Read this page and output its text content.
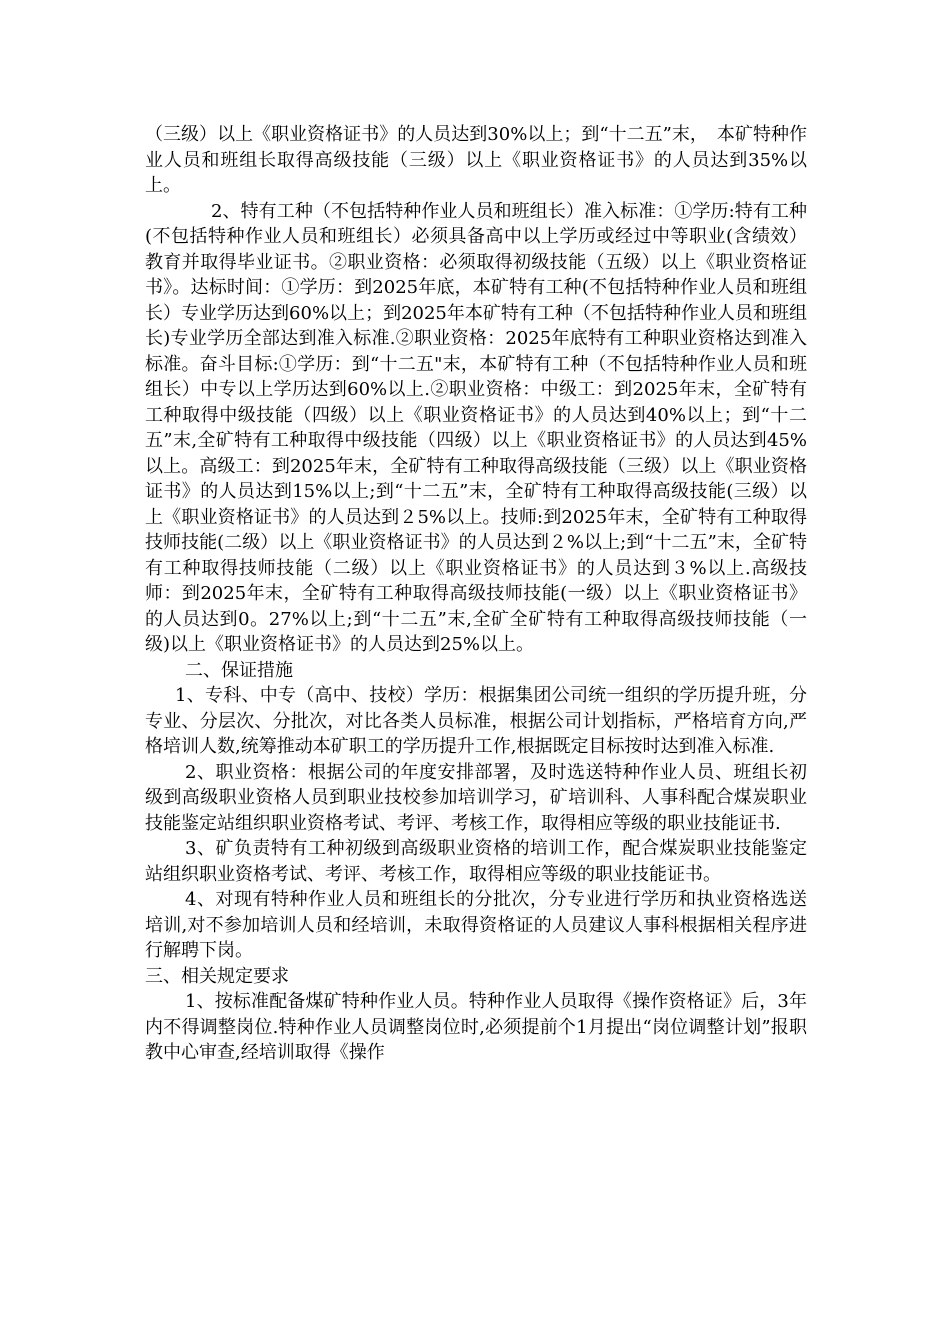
（三级）以上《职业资格证书》的人员达到30%以上；到“十二五”末，　本矿特种作业人员和班组长取得高级技能（三级）以上《职业资格证书》的人员达到35%以上。

2、特有工种（不包括特种作业人员和班组长）准入标准：①学历:特有工种(不包括特种作业人员和班组长）必须具备高中以上学历或经过中等职业(含绩效）教育并取得毕业证书。②职业资格：必须取得初级技能（五级）以上《职业资格证书》。达标时间：①学历：到2025年底，本矿特有工种(不包括特种作业人员和班组长）专业学历达到60%以上；到2025年本矿特有工种（不包括特种作业人员和班组长)专业学历全部达到准入标准.②职业资格：2025年底特有工种职业资格达到准入标准。奋斗目标:①学历：到“十二五"末，本矿特有工种（不包括特种作业人员和班组长）中专以上学历达到60%以上.②职业资格：中级工：到2025年末，全矿特有工种取得中级技能（四级）以上《职业资格证书》的人员达到40%以上；到“十二五”末,全矿特有工种取得中级技能（四级）以上《职业资格证书》的人员达到45%以上。高级工：到2025年末，全矿特有工种取得高级技能（三级）以上《职业资格证书》的人员达到15%以上;到“十二五”末，全矿特有工种取得高级技能(三级）以上《职业资格证书》的人员达到２5%以上。技师:到2025年末，全矿特有工种取得技师技能(二级）以上《职业资格证书》的人员达到２%以上;到“十二五”末，全矿特有工种取得技师技能（二级）以上《职业资格证书》的人员达到３%以上.高级技师：到2025年末，全矿特有工种取得高级技师技能(一级）以上《职业资格证书》的人员达到0。27%以上;到“十二五”末,全矿全矿特有工种取得高级技师技能（一级)以上《职业资格证书》的人员达到25%以上。

二、保证措施

1、专科、中专（高中、技校）学历：根据集团公司统一组织的学历提升班，分专业、分层次、分批次，对比各类人员标准，根据公司计划指标，严格培育方向,严格培训人数,统筹推动本矿职工的学历提升工作,根据既定目标按时达到准入标准.

2、职业资格：根据公司的年度安排部署，及时选送特种作业人员、班组长初级到高级职业资格人员到职业技校参加培训学习，矿培训科、人事科配合煤炭职业技能鉴定站组织职业资格考试、考评、考核工作，取得相应等级的职业技能证书.

3、矿负责特有工种初级到高级职业资格的培训工作，配合煤炭职业技能鉴定站组织职业资格考试、考评、考核工作，取得相应等级的职业技能证书。

4、对现有特种作业人员和班组长的分批次，分专业进行学历和执业资格选送培训,对不参加培训人员和经培训，未取得资格证的人员建议人事科根据相关程序进行解聘下岗。

三、相关规定要求

1、按标准配备煤矿特种作业人员。特种作业人员取得《操作资格证》后，3年内不得调整岗位.特种作业人员调整岗位时,必须提前个1月提出“岗位调整计划”报职教中心审查,经培训取得《操作
